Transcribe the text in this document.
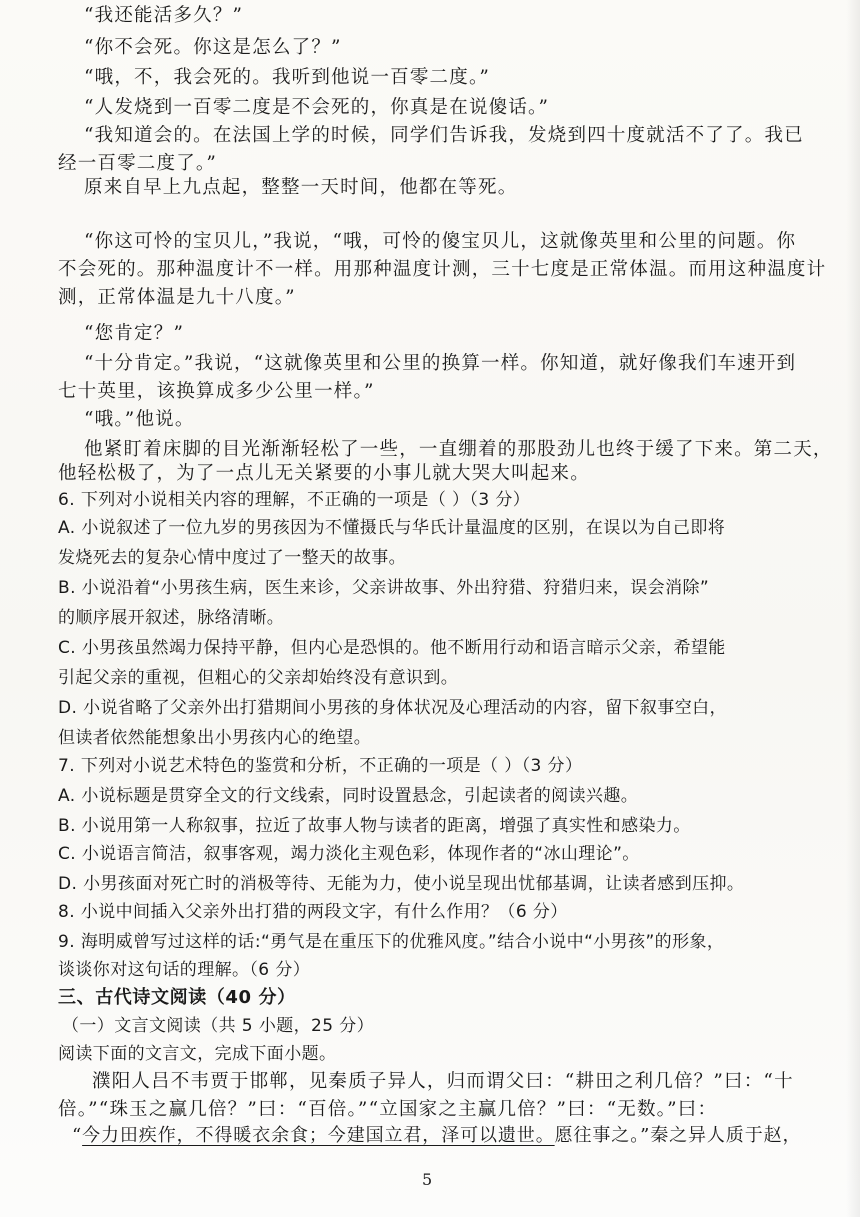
“我还能活多久？”
“你不会死。你这是怎么了？”
“哦，不，我会死的。我听到他说一百零二度。”
“人发烧到一百零二度是不会死的，你真是在说傻话。”
“我知道会的。在法国上学的时候，同学们告诉我，发烧到四十度就活不了了。我已
经一百零二度了。”
原来自早上九点起，整整一天时间，他都在等死。
“你这可怜的宝贝儿，”我说，“哦，可怜的傻宝贝儿，这就像英里和公里的问题。你
不会死的。那种温度计不一样。用那种温度计测，三十七度是正常体温。而用这种温度计
测，正常体温是九十八度。”
“您肯定？”
“十分肯定。”我说，“这就像英里和公里的换算一样。你知道，就好像我们车速开到
七十英里，该换算成多少公里一样。”
“哦。”他说。
他紧盯着床脚的目光渐渐轻松了一些，一直绷着的那股劲儿也终于缓了下来。第二天，
他轻松极了，为了一点儿无关紧要的小事儿就大哭大叫起来。
6. 下列对小说相关内容的理解，不正确的一项是（ ）（3 分）
A. 小说叙述了一位九岁的男孩因为不懂摄氏与华氏计量温度的区别，在误以为自己即将
发烧死去的复杂心情中度过了一整天的故事。
B. 小说沿着“小男孩生病，医生来诊，父亲讲故事、外出狩猎、狩猎归来，误会消除”
的顺序展开叙述，脉络清晰。
C. 小男孩虽然竭力保持平静，但内心是恐惧的。他不断用行动和语言暗示父亲，希望能
引起父亲的重视，但粗心的父亲却始终没有意识到。
D. 小说省略了父亲外出打猎期间小男孩的身体状况及心理活动的内容，留下叙事空白，
但读者依然能想象出小男孩内心的绝望。
7. 下列对小说艺术特色的鉴赏和分析，不正确的一项是（ ）（3 分）
A. 小说标题是贯穿全文的行文线索，同时设置悬念，引起读者的阅读兴趣。
B. 小说用第一人称叙事，拉近了故事人物与读者的距离，增强了真实性和感染力。
C. 小说语言简洁，叙事客观，竭力淡化主观色彩，体现作者的“冰山理论”。
D. 小男孩面对死亡时的消极等待、无能为力，使小说呈现出忧郁基调，让读者感到压抑。
8. 小说中间插入父亲外出打猎的两段文字，有什么作用？（6 分）
9. 海明威曾写过这样的话:“勇气是在重压下的优雅风度。”结合小说中“小男孩”的形象，
谈谈你对这句话的理解。（6 分）
三、古代诗文阅读（40 分）
（一）文言文阅读（共 5 小题，25 分）
阅读下面的文言文，完成下面小题。
濮阳人吕不韦贾于邯郸，见秦质子异人，归而谓父曰：“耕田之利几倍？”曰：“十
倍。”“珠玉之赢几倍？”曰：“百倍。”“立国家之主赢几倍？”曰：“无数。”曰：
5
“今力田疾作，不得暖衣余食；今建国立君，泽可以遗世。愿往事之。”秦之异人质于赵，
